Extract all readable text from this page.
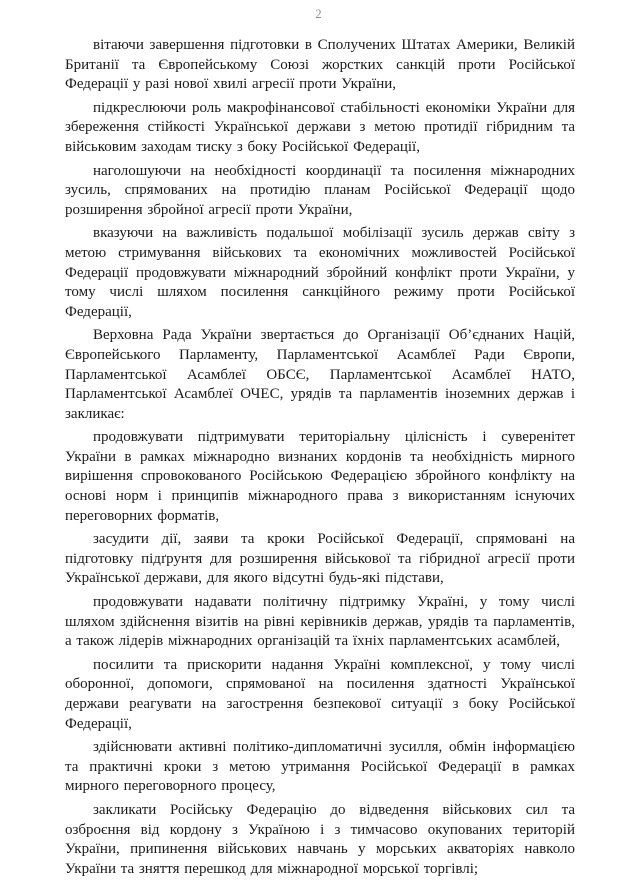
2

вітаючи завершення підготовки в Сполучених Штатах Америки, Великій Британії та Європейському Союзі жорстких санкцій проти Російської Федерації у разі нової хвилі агресії проти України,

підкреслюючи роль макрофінансової стабільності економіки України для збереження стійкості Української держави з метою протидії гібридним та військовим заходам тиску з боку Російської Федерації,

наголошуючи на необхідності координації та посилення міжнародних зусиль, спрямованих на протидію планам Російської Федерації щодо розширення збройної агресії проти України,

вказуючи на важливість подальшої мобілізації зусиль держав світу з метою стримування військових та економічних можливостей Російської Федерації продовжувати міжнародний збройний конфлікт проти України, у тому числі шляхом посилення санкційного режиму проти Російської Федерації,

Верховна Рада України звертається до Організації Об’єднаних Націй, Європейського Парламенту, Парламентської Асамблеї Ради Європи, Парламентської Асамблеї ОБСЄ, Парламентської Асамблеї НАТО, Парламентської Асамблеї ОЧЕС, урядів та парламентів іноземних держав і закликає:

продовжувати підтримувати територіальну цілісність і суверенітет України в рамках міжнародно визнаних кордонів та необхідність мирного вирішення спровокованого Російською Федерацією збройного конфлікту на основі норм і принципів міжнародного права з використанням існуючих переговорних форматів,

засудити дії, заяви та кроки Російської Федерації, спрямовані на підготовку підґрунтя для розширення військової та гібридної агресії проти Української держави, для якого відсутні будь-які підстави,

продовжувати надавати політичну підтримку Україні, у тому числі шляхом здійснення візитів на рівні керівників держав, урядів та парламентів, а також лідерів міжнародних організацій та їхніх парламентських асамблей,

посилити та прискорити надання Україні комплексної, у тому числі оборонної, допомоги, спрямованої на посилення здатності Української держави реагувати на загострення безпекової ситуації з боку Російської Федерації,

здійснювати активні політико-дипломатичні зусилля, обмін інформацією та практичні кроки з метою утримання Російської Федерації в рамках мирного переговорного процесу,

закликати Російську Федерацію до відведення військових сил та озброєння від кордону з Україною і з тимчасово окупованих територій України, припинення військових навчань у морських акваторіях навколо України та зняття перешкод для міжнародної морської торгівлі;
